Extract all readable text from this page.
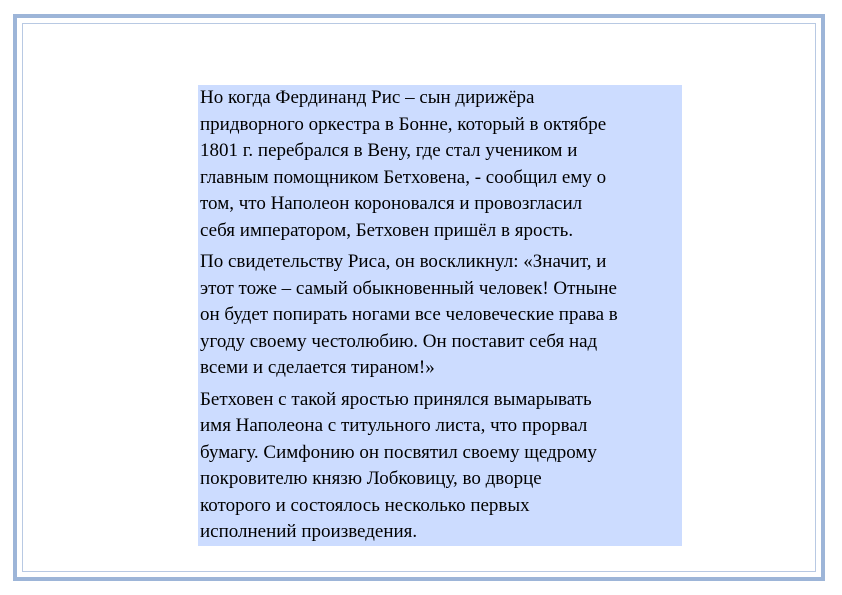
Но когда Фердинанд Рис – сын дирижёра
придворного оркестра в Бонне, который в октябре
1801 г. перебрался в Вену, где стал учеником и
главным помощником Бетховена, - сообщил ему о
том, что Наполеон короновался и провозгласил
себя императором, Бетховен пришёл в ярость.

По свидетельству Риса, он воскликнул: «Значит, и
этот тоже – самый обыкновенный человек! Отныне
он будет попирать ногами все человеческие права в
угоду своему честолюбию. Он поставит себя над
всеми и сделается тираном!»

Бетховен с такой яростью принялся вымарывать
имя Наполеона с титульного листа, что прорвал
бумагу. Симфонию он посвятил своему щедрому
покровителю князю Лобковицу, во дворце
которого и состоялось несколько первых
исполнений произведения.
